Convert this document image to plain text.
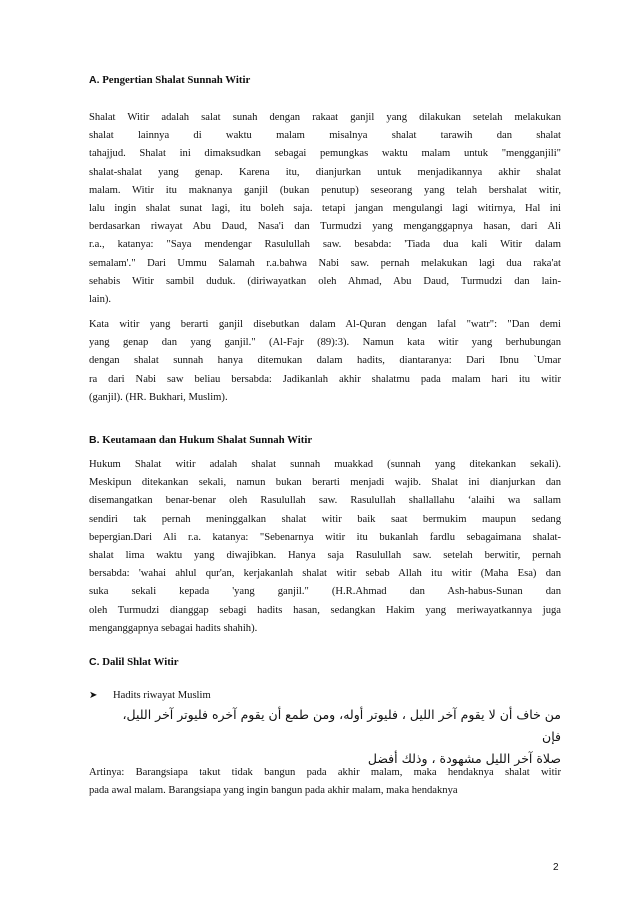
A. Pengertian Shalat Sunnah Witir

Shalat Witir adalah salat sunah dengan rakaat ganjil yang dilakukan setelah melakukan
shalat lainnya di waktu malam misalnya shalat tarawih dan shalat
tahajjud. Shalat ini dimaksudkan sebagai pemungkas waktu malam untuk "mengganjili"
shalat-shalat yang genap. Karena itu, dianjurkan untuk menjadikannya akhir shalat
malam. Witir itu maknanya ganjil (bukan penutup) seseorang yang telah bershalat witir,
lalu ingin shalat sunat lagi, itu boleh saja. tetapi jangan mengulangi lagi witirnya, Hal ini
berdasarkan riwayat Abu Daud, Nasa'i dan Turmudzi yang menganggapnya hasan, dari Ali
r.a., katanya: "Saya mendengar Rasulullah saw. besabda: 'Tiada dua kali Witir dalam
semalam'." Dari Ummu Salamah r.a.bahwa Nabi saw. pernah melakukan lagi dua raka'at
sehabis Witir sambil duduk. (diriwayatkan oleh Ahmad, Abu Daud, Turmudzi dan lain-
lain).

Kata witir yang berarti ganjil disebutkan dalam Al-Quran dengan lafal "watr": "Dan demi
yang genap dan yang ganjil." (Al-Fajr (89):3). Namun kata witir yang berhubungan
dengan shalat sunnah hanya ditemukan dalam hadits, diantaranya: Dari Ibnu `Umar
ra dari Nabi saw beliau bersabda: Jadikanlah akhir shalatmu pada malam hari itu witir
(ganjil). (HR. Bukhari, Muslim).

B. Keutamaan dan Hukum Shalat Sunnah Witir

Hukum Shalat witir adalah shalat sunnah muakkad (sunnah yang ditekankan sekali).
Meskipun ditekankan sekali, namun bukan berarti menjadi wajib. Shalat ini dianjurkan dan
disemangatkan benar-benar oleh Rasulullah saw. Rasulullah shallallahu ‘alaihi wa sallam
sendiri tak pernah meninggalkan shalat witir baik saat bermukim maupun sedang
bepergian.Dari Ali r.a. katanya: "Sebenarnya witir itu bukanlah fardlu sebagaimana shalat-
shalat lima waktu yang diwajibkan. Hanya saja Rasulullah saw. setelah berwitir, pernah
bersabda: 'wahai ahlul qur'an, kerjakanlah shalat witir sebab Allah itu witir (Maha Esa) dan
suka sekali kepada 'yang ganjil." (H.R.Ahmad dan Ash-habus-Sunan dan
oleh Turmudzi dianggap sebagi hadits hasan, sedangkan Hakim yang meriwayatkannya juga
menganggapnya sebagai hadits shahih).

C. Dalil Shlat Witir
➤ Hadits riwayat Muslim
من خاف أن لا يقوم آخر الليل ، فليوتر أوله، ومن طمع أن يقوم آخره فليوتر آخر الليل، فإن
صلاة آخر الليل مشهودة ، وذلك أفضل

Artinya: Barangsiapa takut tidak bangun pada akhir malam, maka hendaknya shalat witir
pada awal malam. Barangsiapa yang ingin bangun pada akhir malam, maka hendaknya

2
